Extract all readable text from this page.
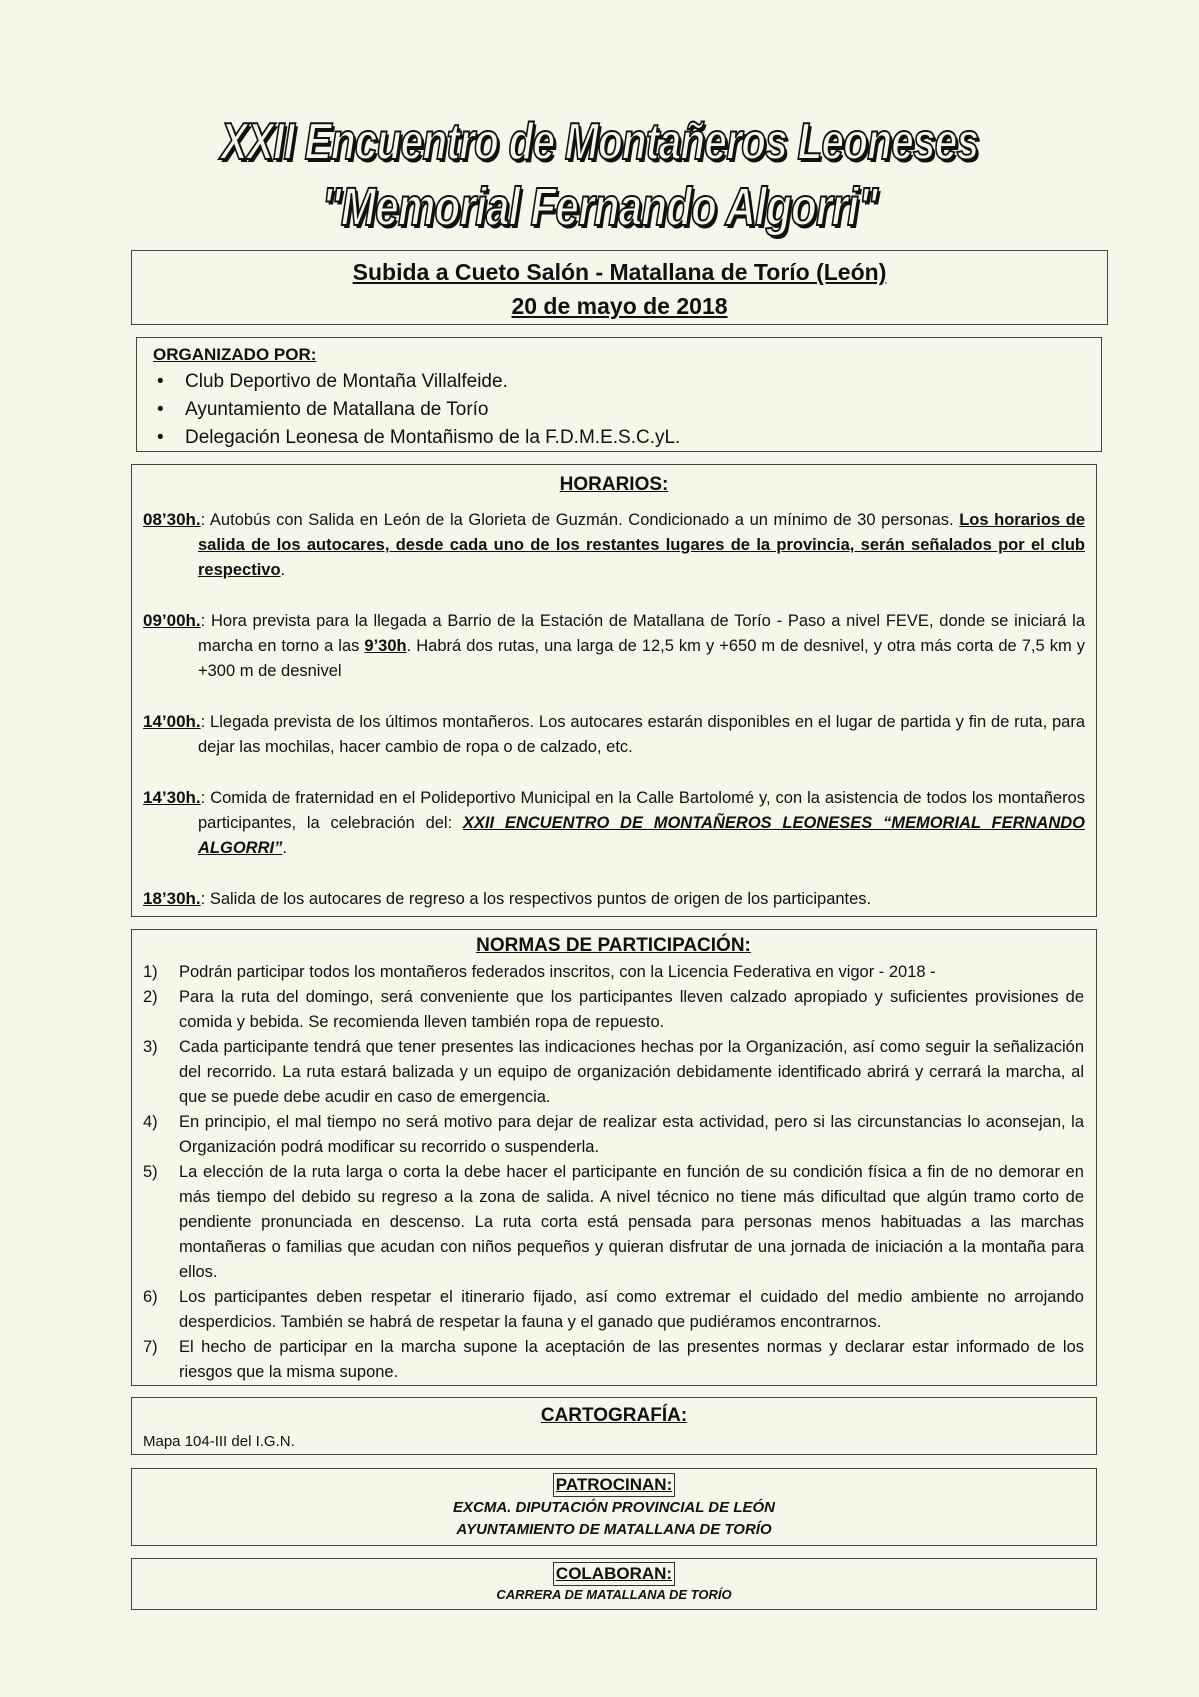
XXII Encuentro de Montañeros Leoneses
"Memorial Fernando Algorri"
Subida a Cueto Salón - Matallana de Torío (León)
20 de mayo de 2018
ORGANIZADO POR:
• Club Deportivo de Montaña Villalfeide.
• Ayuntamiento de Matallana de Torío
• Delegación Leonesa de Montañismo de la F.D.M.E.S.C.yL.
HORARIOS:
08’30h.: Autobús con Salida en León de la Glorieta de Guzmán. Condicionado a un mínimo de 30 personas. Los horarios de salida de los autocares, desde cada uno de los restantes lugares de la provincia, serán señalados por el club respectivo.
09’00h.: Hora prevista para la llegada a Barrio de la Estación de Matallana de Torío - Paso a nivel FEVE, donde se iniciará la marcha en torno a las 9’30h. Habrá dos rutas, una larga de 12,5 km y +650 m de desnivel, y otra más corta de 7,5 km y +300 m de desnivel
14’00h.: Llegada prevista de los últimos montañeros. Los autocares estarán disponibles en el lugar de partida y fin de ruta, para dejar las mochilas, hacer cambio de ropa o de calzado, etc.
14’30h.: Comida de fraternidad en el Polideportivo Municipal en la Calle Bartolomé y, con la asistencia de todos los montañeros participantes, la celebración del: XXII ENCUENTRO DE MONTAÑEROS LEONESES “MEMORIAL FERNANDO ALGORRI”.
18’30h.: Salida de los autocares de regreso a los respectivos puntos de origen de los participantes.
NORMAS DE PARTICIPACIÓN:
1) Podrán participar todos los montañeros federados inscritos, con la Licencia Federativa en vigor - 2018 -
2) Para la ruta del domingo, será conveniente que los participantes lleven calzado apropiado y suficientes provisiones de comida y bebida. Se recomienda lleven también ropa de repuesto.
3) Cada participante tendrá que tener presentes las indicaciones hechas por la Organización, así como seguir la señalización del recorrido. La ruta estará balizada y un equipo de organización debidamente identificado abrirá y cerrará la marcha, al que se puede debe acudir en caso de emergencia.
4) En principio, el mal tiempo no será motivo para dejar de realizar esta actividad, pero si las circunstancias lo aconsejan, la Organización podrá modificar su recorrido o suspenderla.
5) La elección de la ruta larga o corta la debe hacer el participante en función de su condición física a fin de no demorar en más tiempo del debido su regreso a la zona de salida. A nivel técnico no tiene más dificultad que algún tramo corto de pendiente pronunciada en descenso. La ruta corta está pensada para personas menos habituadas a las marchas montañeras o familias que acudan con niños pequeños y quieran disfrutar de una jornada de iniciación a la montaña para ellos.
6) Los participantes deben respetar el itinerario fijado, así como extremar el cuidado del medio ambiente no arrojando desperdicios. También se habrá de respetar la fauna y el ganado que pudiéramos encontrarnos.
7) El hecho de participar en la marcha supone la aceptación de las presentes normas y declarar estar informado de los riesgos que la misma supone.
CARTOGRAFÍA:
Mapa 104-III del I.G.N.
PATROCINAN:
EXCMA. DIPUTACIÓN PROVINCIAL DE LEÓN
AYUNTAMIENTO DE MATALLANA DE TORÍO
COLABORAN:
CARRERA DE MATALLANA DE TORÍO
